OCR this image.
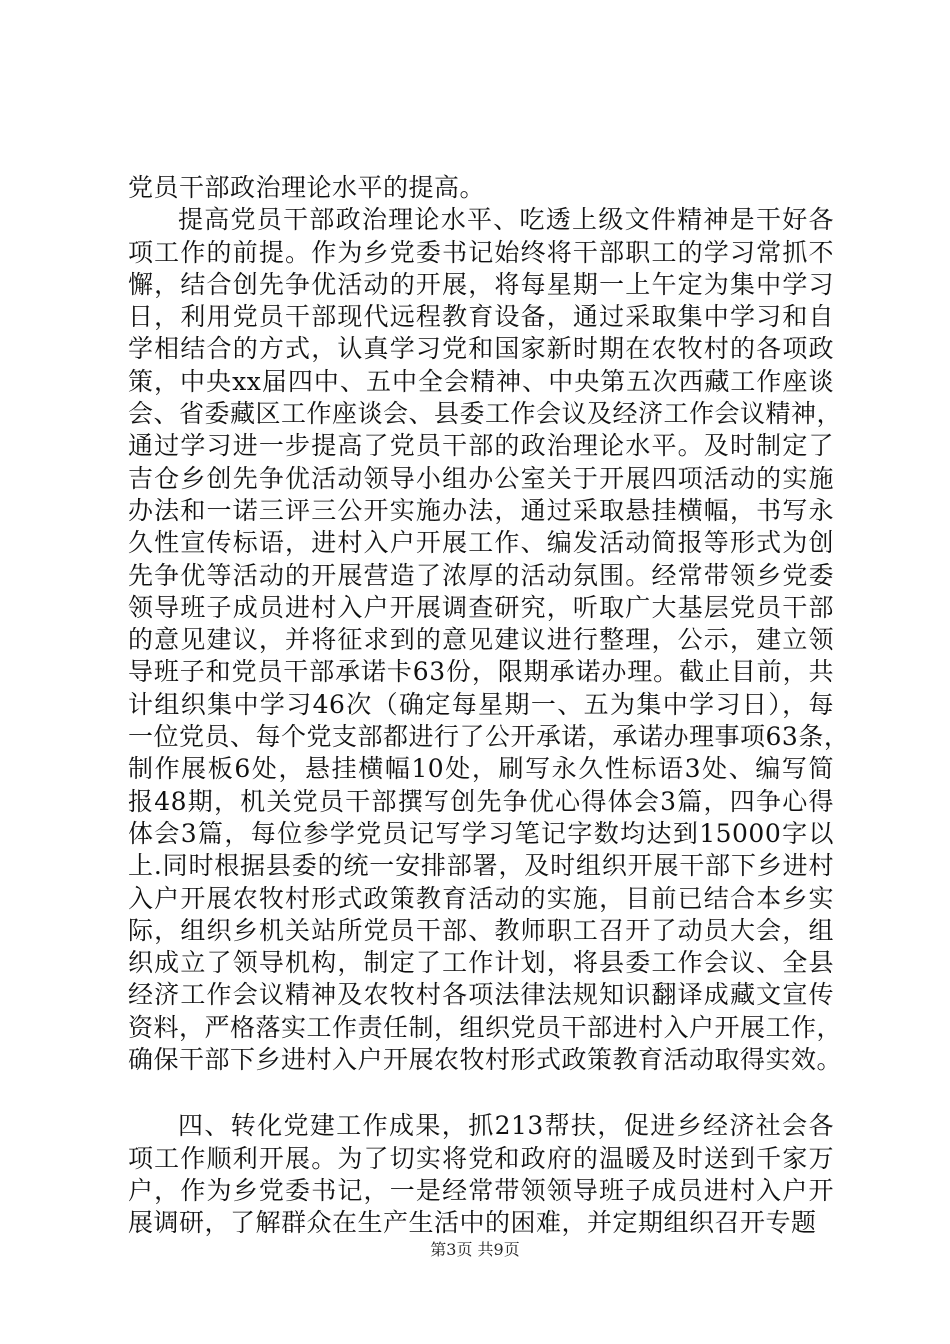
党员干部政治理论水平的提高。
提高党员干部政治理论水平、吃透上级文件精神是干好各
项工作的前提。作为乡党委书记始终将干部职工的学习常抓不
懈，结合创先争优活动的开展，将每星期一上午定为集中学习
日，利用党员干部现代远程教育设备，通过采取集中学习和自
学相结合的方式，认真学习党和国家新时期在农牧村的各项政
策，中央xx届四中、五中全会精神、中央第五次西藏工作座谈
会、省委藏区工作座谈会、县委工作会议及经济工作会议精神，
通过学习进一步提高了党员干部的政治理论水平。及时制定了
吉仓乡创先争优活动领导小组办公室关于开展四项活动的实施
办法和一诺三评三公开实施办法，通过采取悬挂横幅，书写永
久性宣传标语，进村入户开展工作、编发活动简报等形式为创
先争优等活动的开展营造了浓厚的活动氛围。经常带领乡党委
领导班子成员进村入户开展调查研究，听取广大基层党员干部
的意见建议，并将征求到的意见建议进行整理，公示，建立领
导班子和党员干部承诺卡63份，限期承诺办理。截止目前，共
计组织集中学习46次（确定每星期一、五为集中学习日），每
一位党员、每个党支部都进行了公开承诺，承诺办理事项63条，
制作展板6处，悬挂横幅10处，刷写永久性标语3处、编写简
报48期，机关党员干部撰写创先争优心得体会3篇，四争心得
体会3篇，每位参学党员记写学习笔记字数均达到15000字以
上.同时根据县委的统一安排部署，及时组织开展干部下乡进村
入户开展农牧村形式政策教育活动的实施，目前已结合本乡实
际，组织乡机关站所党员干部、教师职工召开了动员大会，组
织成立了领导机构，制定了工作计划，将县委工作会议、全县
经济工作会议精神及农牧村各项法律法规知识翻译成藏文宣传
资料，严格落实工作责任制，组织党员干部进村入户开展工作，
确保干部下乡进村入户开展农牧村形式政策教育活动取得实效。
四、转化党建工作成果，抓213帮扶，促进乡经济社会各
项工作顺利开展。为了切实将党和政府的温暖及时送到千家万
户，作为乡党委书记，一是经常带领领导班子成员进村入户开
展调研，了解群众在生产生活中的困难，并定期组织召开专题
第3页 共9页
